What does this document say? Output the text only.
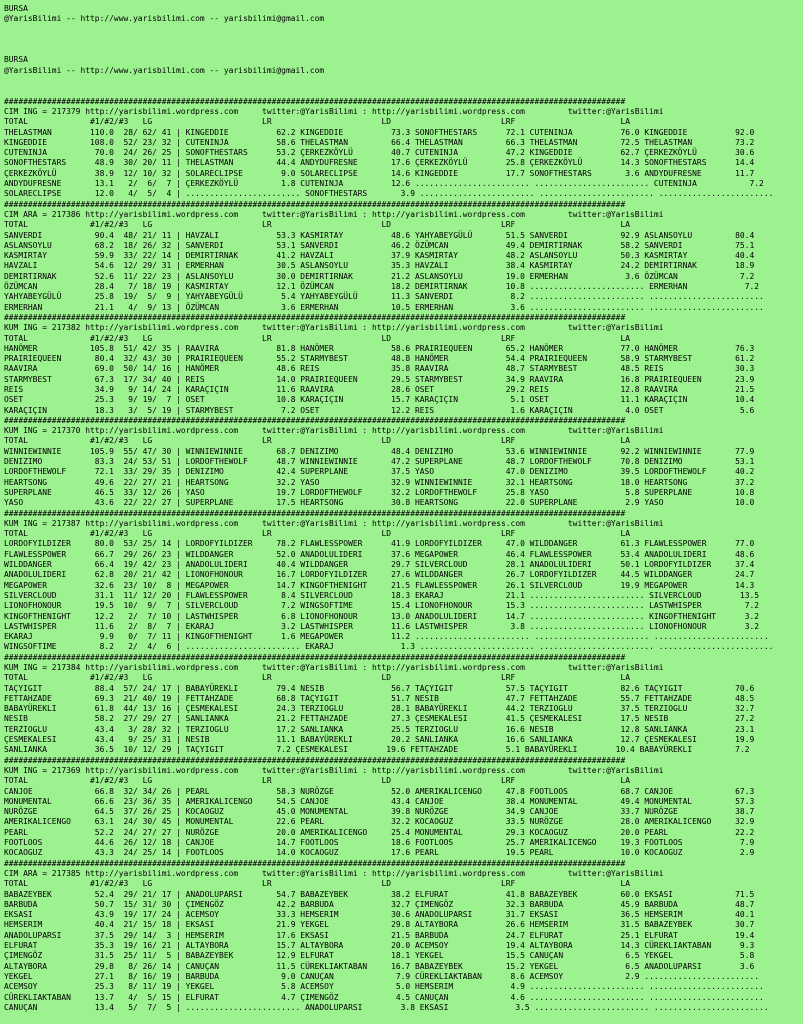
BURSA
@YarisBilimi -- http://www.yarisbilimi.com -- yarisbilimi@gmail.com

BURSA
@YarisBilimi -- http://www.yarisbilimi.com -- yarisbilimi@gmail.com

##################################################################################################################################
CIM ING = 217379 http://yarisbilimi.wordpress.com     twitter:@YarisBilimi : http://yarisbilimi.wordpress.com         twitter:@YarisBilimi
TOTAL             #1/#2/#3   LG                       LR                       LD                       LRF                      LA
THELASTMAN        110.0  28/ 62/ 41 | KINGEDDIE          62.2 KINGEDDIE          73.3 SONOFTHESTARS      72.1 CUTENINJA          76.0 KINGEDDIE          92.0
KINGEDDIE         108.0  52/ 23/ 32 | CUTENINJA          58.6 THELASTMAN         66.4 THELASTMAN         66.3 THELASTMAN         72.5 THELASTMAN         73.2
CUTENINJA          70.0  24/ 26/ 25 | SONOFTHESTARS      53.2 ÇERKEZKÖYLÜ        40.7 CUTENINJA          47.2 KINGEDDIE          62.7 ÇERKEZKÖYLÜ        30.6
SONOFTHESTARS      48.9  30/ 20/ 11 | THELASTMAN         44.4 ANDYDUFRESNE       17.6 ÇERKEZKÖYLÜ        25.8 ÇERKEZKÖYLÜ        14.3 SONOFTHESTARS      14.4
ÇERKEZKÖYLÜ        38.9  12/ 10/ 32 | SOLARECLIPSE        9.0 SOLARECLIPSE       14.6 KINGEDDIE          17.7 SONOFTHESTARS       3.6 ANDYDUFRESNE       11.7
ANDYDUFRESNE       13.1   2/  6/  7 | ÇERKEZKÖYLÜ         1.8 CUTENINJA          12.6 ........................ ........................ CUTENINJA           7.2
SOLARECLIPSE       12.0   4/  5/  4 | ........................ SONOFTHESTARS       3.9 ........................ ........................ ........................
##################################################################################################################################
CIM ARA = 217386 http://yarisbilimi.wordpress.com     twitter:@YarisBilimi : http://yarisbilimi.wordpress.com         twitter:@YarisBilimi
TOTAL             #1/#2/#3   LG                       LR                       LD                       LRF                      LA
SANVERDI           90.4  48/ 21/ 11 | HAVZALI            53.3 KASMIRTAY          48.6 YAHYABEYGÜLÜ       51.5 SANVERDI           92.9 ASLANSOYLU         80.4
ASLANSOYLU         68.2  18/ 26/ 32 | SANVERDI           53.1 SANVERDI           46.2 ÖZÜMCAN            49.4 DEMIRTIRNAK        58.2 SANVERDI           75.1
KASMIRTAY          59.9  33/ 22/ 14 | DEMIRTIRNAK        41.2 HAVZALI            37.9 KASMIRTAY          48.2 ASLANSOYLU         50.3 KASMIRTAY          40.4
HAVZALI            54.6  12/ 29/ 31 | ERMERHAN           30.5 ASLANSOYLU         35.3 HAVZALI            38.4 KASMIRTAY          24.2 DEMIRTIRNAK        18.9
DEMIRTIRNAK        52.6  11/ 22/ 23 | ASLANSOYLU         30.0 DEMIRTIRNAK        21.2 ASLANSOYLU         19.0 ERMERHAN            3.6 ÖZÜMCAN             7.2
ÖZÜMCAN            28.4   7/ 18/ 19 | KASMIRTAY          12.1 ÖZÜMCAN            18.2 DEMIRTIRNAK        10.8 ........................ ERMERHAN            7.2
YAHYABEYGÜLÜ       25.8  19/  5/  9 | YAHYABEYGÜLÜ        5.4 YAHYABEYGÜLÜ       11.3 SANVERDI            8.2 ........................ ........................
ERMERHAN           21.1   4/  9/ 13 | ÖZÜMCAN             3.6 ERMERHAN           10.5 ERMERHAN            3.6 ........................ ........................
##################################################################################################################################
KUM ING = 217382 http://yarisbilimi.wordpress.com     twitter:@YarisBilimi : http://yarisbilimi.wordpress.com         twitter:@YarisBilimi
TOTAL             #1/#2/#3   LG                       LR                       LD                       LRF                      LA
HANÖMER           105.8  51/ 42/ 35 | RAAVIRA            81.8 HANÖMER            58.6 PRAIRIEQUEEN       65.2 HANÖMER            77.0 HANÖMER            76.3
PRAIRIEQUEEN       80.4  32/ 43/ 30 | PRAIRIEQUEEN       55.2 STARMYBEST         48.8 HANÖMER            54.4 PRAIRIEQUEEN       58.9 STARMYBEST         61.2
RAAVIRA            69.0  50/ 14/ 16 | HANÖMER            48.6 REIS               35.8 RAAVIRA            48.7 STARMYBEST         48.5 REIS               30.3
STARMYBEST         67.3  17/ 34/ 40 | REIS               14.0 PRAIRIEQUEEN       29.5 STARMYBEST         34.9 RAAVIRA            16.8 PRAIRIEQUEEN       23.9
REIS               34.9   9/ 14/ 24 | KARAÇIÇIN          11.6 RAAVIRA            28.6 OSET               29.2 REIS               12.8 RAAVIRA            21.5
OSET               25.3   9/ 19/  7 | OSET               10.8 KARAÇIÇIN          15.7 KARAÇIÇIN           5.1 OSET               11.1 KARAÇIÇIN          10.4
KARAÇIÇIN          18.3   3/  5/ 19 | STARMYBEST          7.2 OSET               12.2 REIS                1.6 KARAÇIÇIN           4.0 OSET                5.6
##################################################################################################################################
KUM ING = 217370 http://yarisbilimi.wordpress.com     twitter:@YarisBilimi : http://yarisbilimi.wordpress.com         twitter:@YarisBilimi
TOTAL             #1/#2/#3   LG                       LR                       LD                       LRF                      LA
WINNIEWINNIE      105.9  55/ 47/ 30 | WINNIEWINNIE       68.7 DENIZIMO           48.4 DENIZIMO           53.6 WINNIEWINNIE       92.2 WINNIEWINNIE       77.9
DENIZIMO           83.3  24/ 53/ 51 | LORDOFTHEWOLF      48.7 WINNIEWINNIE       47.2 SUPERPLANE         48.7 LORDOFTHEWOLF      70.8 DENIZIMO           53.1
LORDOFTHEWOLF      72.1  33/ 29/ 35 | DENIZIMO           42.4 SUPERPLANE         37.5 YASO               47.0 DENIZIMO           39.5 LORDOFTHEWOLF      40.2
HEARTSONG          49.6  22/ 27/ 21 | HEARTSONG          32.2 YASO               32.9 WINNIEWINNIE       32.1 HEARTSONG          18.0 HEARTSONG          37.2
SUPERPLANE         46.5  33/ 12/ 26 | YASO               19.7 LORDOFTHEWOLF      32.2 LORDOFTHEWOLF      25.8 YASO                5.8 SUPERPLANE         10.8
YASO               43.6  22/ 22/ 27 | SUPERPLANE         17.5 HEARTSONG          30.8 HEARTSONG          22.0 SUPERPLANE          2.9 YASO               10.0
##################################################################################################################################
KUM ING = 217387 http://yarisbilimi.wordpress.com     twitter:@YarisBilimi : http://yarisbilimi.wordpress.com         twitter:@YarisBilimi
TOTAL             #1/#2/#3   LG                       LR                       LD                       LRF                      LA
LORDOFYILDIZER     80.0  53/ 25/ 14 | LORDOFYILDIZER     78.2 FLAWLESSPOWER      41.9 LORDOFYILDIZER     47.0 WILDDANGER         61.3 FLAWLESSPOWER      77.0
FLAWLESSPOWER      66.7  29/ 26/ 23 | WILDDANGER         52.0 ANADOLULIDERI      37.6 MEGAPOWER          46.4 FLAWLESSPOWER      53.4 ANADOLULIDERI      48.6
WILDDANGER         66.4  19/ 42/ 23 | ANADOLULIDERI      40.4 WILDDANGER         29.7 SILVERCLOUD        28.1 ANADOLULIDERI      50.1 LORDOFYILDIZER     37.4
ANADOLULIDERI      62.8  20/ 21/ 42 | LIONOFHONOUR       16.7 LORDOFYILDIZER     27.6 WILDDANGER         26.7 LORDOFYILDIZER     44.5 WILDDANGER         24.7
MEGAPOWER          32.6  23/ 10/  8 | MEGAPOWER          14.7 KINGOFTHENIGHT     21.5 FLAWLESSPOWER      26.1 SILVERCLOUD        19.9 MEGAPOWER          14.3
SILVERCLOUD        31.1  11/ 12/ 20 | FLAWLESSPOWER       8.4 SILVERCLOUD        18.3 EKARAJ             21.1 ........................ SILVERCLOUD        13.5
LIONOFHONOUR       19.5  10/  9/  7 | SILVERCLOUD         7.2 WINGSOFTIME        15.4 LIONOFHONOUR       15.3 ........................ LASTWHISPER         7.2
KINGOFTHENIGHT     12.2   2/  7/ 10 | LASTWHISPER         6.8 LIONOFHONOUR       13.0 ANADOLULIDERI      14.7 ........................ KINGOFTHENIGHT      3.2
LASTWHISPER        11.6   2/  8/  7 | EKARAJ              3.2 LASTWHISPER        11.6 LASTWHISPER         3.8 ........................ LIONOFHONOUR        3.2
EKARAJ              9.9   0/  7/ 11 | KINGOFTHENIGHT      1.6 MEGAPOWER          11.2 ........................ ........................ ........................
WINGSOFTIME         8.2   2/  4/  6 | ........................ EKARAJ              1.3 ........................ ........................ ........................
##################################################################################################################################
KUM ING = 217384 http://yarisbilimi.wordpress.com     twitter:@YarisBilimi : http://yarisbilimi.wordpress.com         twitter:@YarisBilimi
TOTAL             #1/#2/#3   LG                       LR                       LD                       LRF                      LA
TAÇYIGIT           88.4  57/ 24/ 17 | BABAYÜREKLI        79.4 NESIB              56.7 TAÇYIGIT           57.5 TAÇYIGIT           82.6 TAÇYIGIT           70.6
FETTAHZADE         69.3  21/ 40/ 19 | FETTAHZADE         68.8 TAÇYIGIT           51.7 NESIB              47.7 FETTAHZADE         55.7 FETTAHZADE         48.5
BABAYÜREKLI        61.8  44/ 13/ 16 | ÇESMEKALESI        24.3 TERZIOGLU          28.1 BABAYÜREKLI        44.2 TERZIOGLU          37.5 TERZIOGLU          32.7
NESIB              58.2  27/ 29/ 27 | SANLIANKA          21.2 FETTAHZADE         27.3 ÇESMEKALESI        41.5 ÇESMEKALESI        17.5 NESIB              27.2
TERZIOGLU          43.4   3/ 28/ 32 | TERZIOGLU          17.2 SANLIANKA          25.5 TERZIOGLU          16.6 NESIB              12.8 SANLIANKA          23.1
ÇESMEKALESI        43.4   9/ 25/ 31 | NESIB              11.1 BABAYÜREKLI        20.2 SANLIANKA          16.6 SANLIANKA          12.7 ÇESMEKALESI        19.9
SANLIANKA          36.5  10/ 12/ 29 | TAÇYIGIT           7.2 ÇESMEKALESI        19.6 FETTAHZADE          5.1 BABAYÜREKLI        10.4 BABAYÜREKLI         7.2
##################################################################################################################################
KUM ING = 217369 http://yarisbilimi.wordpress.com     twitter:@YarisBilimi : http://yarisbilimi.wordpress.com         twitter:@YarisBilimi
TOTAL             #1/#2/#3   LG                       LR                       LD                       LRF                      LA
CANJOE             66.8  32/ 34/ 26 | PEARL              58.3 NURÖZGE            52.0 AMERIKALICENGO     47.8 FOOTLOOS           68.7 CANJOE             67.3
MONUMENTAL         66.6  23/ 36/ 35 | AMERIKALICENGO     54.5 CANJOE             43.4 CANJOE             38.4 MONUMENTAL         49.4 MONUMENTAL         57.3
NURÖZGE            64.5  37/ 26/ 25 | KOCAOGUZ           45.0 MONUMENTAL         39.8 NURÖZGE            34.9 CANJOE             33.7 NURÖZGE            38.7
AMERIKALICENGO     63.1  24/ 30/ 45 | MONUMENTAL         22.6 PEARL              32.2 KOCAOGUZ           33.5 NURÖZGE            28.0 AMERIKALICENGO     32.9
PEARL              52.2  24/ 27/ 27 | NURÖZGE            20.0 AMERIKALICENGO     25.4 MONUMENTAL         29.3 KOCAOGUZ           20.0 PEARL              22.2
FOOTLOOS           44.6  26/ 12/ 18 | CANJOE             14.7 FOOTLOOS           18.6 FOOTLOOS           25.7 AMERIKALICENGO     19.3 FOOTLOOS            7.9
KOCAOGUZ           43.3  24/ 25/ 14 | FOOTLOOS           14.0 KOCAOGUZ           17.6 PEARL              19.5 PEARL              10.0 KOCAOGUZ            2.9
##################################################################################################################################
CIM ARA = 217385 http://yarisbilimi.wordpress.com     twitter:@YarisBilimi : http://yarisbilimi.wordpress.com         twitter:@YarisBilimi
TOTAL             #1/#2/#3   LG                       LR                       LD                       LRF                      LA
BABAZEYBEK         52.4  29/ 21/ 17 | ANADOLUPARSI       54.7 BABAZEYBEK         38.2 ELFURAT            41.8 BABAZEYBEK         60.0 EKSASI             71.5
BARBUDA            50.7  15/ 31/ 30 | ÇIMENGÖZ           42.2 BARBUDA            32.7 ÇIMENGÖZ           32.3 BARBUDA            45.9 BARBUDA            48.7
EKSASI             43.9  19/ 17/ 24 | ACEMSOY            33.3 HEMSERIM           30.6 ANADOLUPARSI       31.7 EKSASI             36.5 HEMSERIM           40.1
HEMSERIM           40.4  21/ 15/ 18 | EKSASI             21.9 YEKGEL             29.8 ALTAYBORA          26.6 HEMSERIM           31.5 BABAZEYBEK         30.7
ANADOLUPARSI       37.5  29/ 14/  3 | HEMSERIM           17.6 EKSASI             21.5 BARBUDA            24.7 ELFURAT            25.1 ELFURAT            19.4
ELFURAT            35.3  19/ 16/ 21 | ALTAYBORA          15.7 ALTAYBORA          20.0 ACEMSOY            19.4 ALTAYBORA          14.3 CÜREKLIAKTABAN      9.3
ÇIMENGÖZ           31.5  25/ 11/  5 | BABAZEYBEK         12.9 ELFURAT            18.1 YEKGEL             15.5 CANUÇAN             6.5 YEKGEL              5.8
ALTAYBORA          29.8   8/ 26/ 14 | CANUÇAN            11.5 CÜREKLIAKTABAN     16.7 BABAZEYBEK         15.2 YEKGEL              6.5 ANADOLUPARSI        3.6
YEKGEL             27.1   8/ 16/ 19 | BARBUDA             9.0 CANUÇAN             7.9 CÜREKLIAKTABAN      8.6 ACEMSOY             2.9 ........................
ACEMSOY            25.3   8/ 11/ 19 | YEKGEL              5.8 ACEMSOY             5.0 HEMSERIM            4.9 ........................ ........................
CÜREKLIAKTABAN     13.7   4/  5/ 15 | ELFURAT             4.7 ÇIMENGÖZ            4.5 CANUÇAN             4.6 ........................ ........................
CANUÇAN            13.4   5/  7/  5 | ........................ ANADOLUPARSI        3.8 EKSASI              3.5 ........................ ........................
